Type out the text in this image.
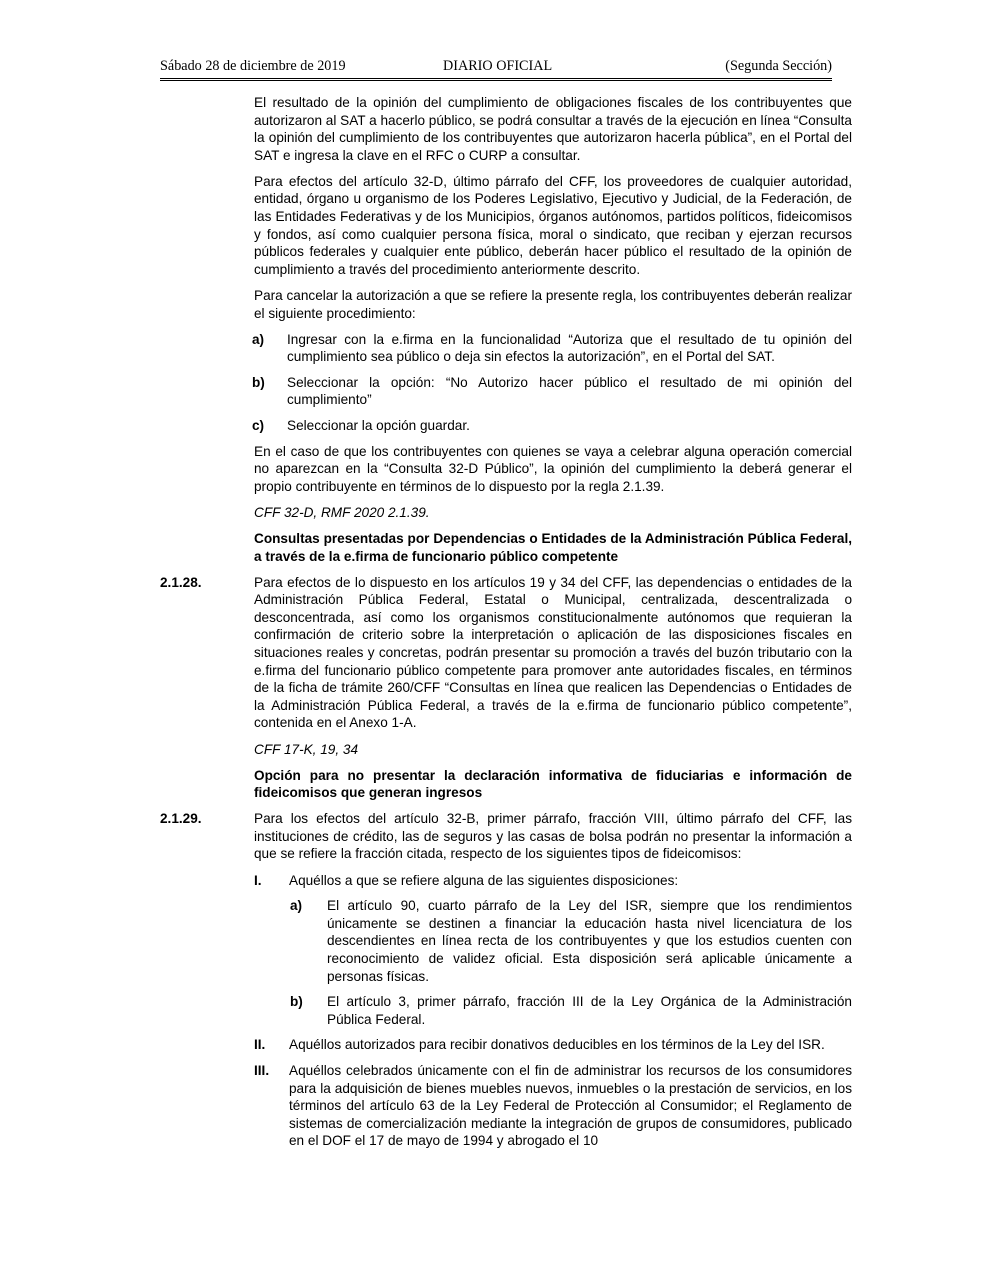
Sábado 28 de diciembre de 2019	DIARIO OFICIAL	(Segunda Sección)

El resultado de la opinión del cumplimiento de obligaciones fiscales de los contribuyentes que autorizaron al SAT a hacerlo público, se podrá consultar a través de la ejecución en línea “Consulta la opinión del cumplimiento de los contribuyentes que autorizaron hacerla pública”, en el Portal del SAT e ingresa la clave en el RFC o CURP a consultar.

Para efectos del artículo 32-D, último párrafo del CFF, los proveedores de cualquier autoridad, entidad, órgano u organismo de los Poderes Legislativo, Ejecutivo y Judicial, de la Federación, de las Entidades Federativas y de los Municipios, órganos autónomos, partidos políticos, fideicomisos y fondos, así como cualquier persona física, moral o sindicato, que reciban y ejerzan recursos públicos federales y cualquier ente público, deberán hacer público el resultado de la opinión de cumplimiento a través del procedimiento anteriormente descrito.

Para cancelar la autorización a que se refiere la presente regla, los contribuyentes deberán realizar el siguiente procedimiento:

a) Ingresar con la e.firma en la funcionalidad “Autoriza que el resultado de tu opinión del cumplimiento sea público o deja sin efectos la autorización”, en el Portal del SAT.
b) Seleccionar la opción: “No Autorizo hacer público el resultado de mi opinión del cumplimiento”
c) Seleccionar la opción guardar.

En el caso de que los contribuyentes con quienes se vaya a celebrar alguna operación comercial no aparezcan en la “Consulta 32-D Público”, la opinión del cumplimiento la deberá generar el propio contribuyente en términos de lo dispuesto por la regla 2.1.39.

CFF 32-D, RMF 2020 2.1.39.

Consultas presentadas por Dependencias o Entidades de la Administración Pública Federal, a través de la e.firma de funcionario público competente

2.1.28.	Para efectos de lo dispuesto en los artículos 19 y 34 del CFF, las dependencias o entidades de la Administración Pública Federal, Estatal o Municipal, centralizada, descentralizada o desconcentrada, así como los organismos constitucionalmente autónomos que requieran la confirmación de criterio sobre la interpretación o aplicación de las disposiciones fiscales en situaciones reales y concretas, podrán presentar su promoción a través del buzón tributario con la e.firma del funcionario público competente para promover ante autoridades fiscales, en términos de la ficha de trámite 260/CFF “Consultas en línea que realicen las Dependencias o Entidades de la Administración Pública Federal, a través de la e.firma de funcionario público competente”, contenida en el Anexo 1-A.

CFF 17-K, 19, 34

Opción para no presentar la declaración informativa de fiduciarias e información de fideicomisos que generan ingresos

2.1.29.	Para los efectos del artículo 32-B, primer párrafo, fracción VIII, último párrafo del CFF, las instituciones de crédito, las de seguros y las casas de bolsa podrán no presentar la información a que se refiere la fracción citada, respecto de los siguientes tipos de fideicomisos:

I. Aquéllos a que se refiere alguna de las siguientes disposiciones:
a) El artículo 90, cuarto párrafo de la Ley del ISR, siempre que los rendimientos únicamente se destinen a financiar la educación hasta nivel licenciatura de los descendientes en línea recta de los contribuyentes y que los estudios cuenten con reconocimiento de validez oficial. Esta disposición será aplicable únicamente a personas físicas.
b) El artículo 3, primer párrafo, fracción III de la Ley Orgánica de la Administración Pública Federal.
II. Aquéllos autorizados para recibir donativos deducibles en los términos de la Ley del ISR.
III. Aquéllos celebrados únicamente con el fin de administrar los recursos de los consumidores para la adquisición de bienes muebles nuevos, inmuebles o la prestación de servicios, en los términos del artículo 63 de la Ley Federal de Protección al Consumidor; el Reglamento de sistemas de comercialización mediante la integración de grupos de consumidores, publicado en el DOF el 17 de mayo de 1994 y abrogado el 10
